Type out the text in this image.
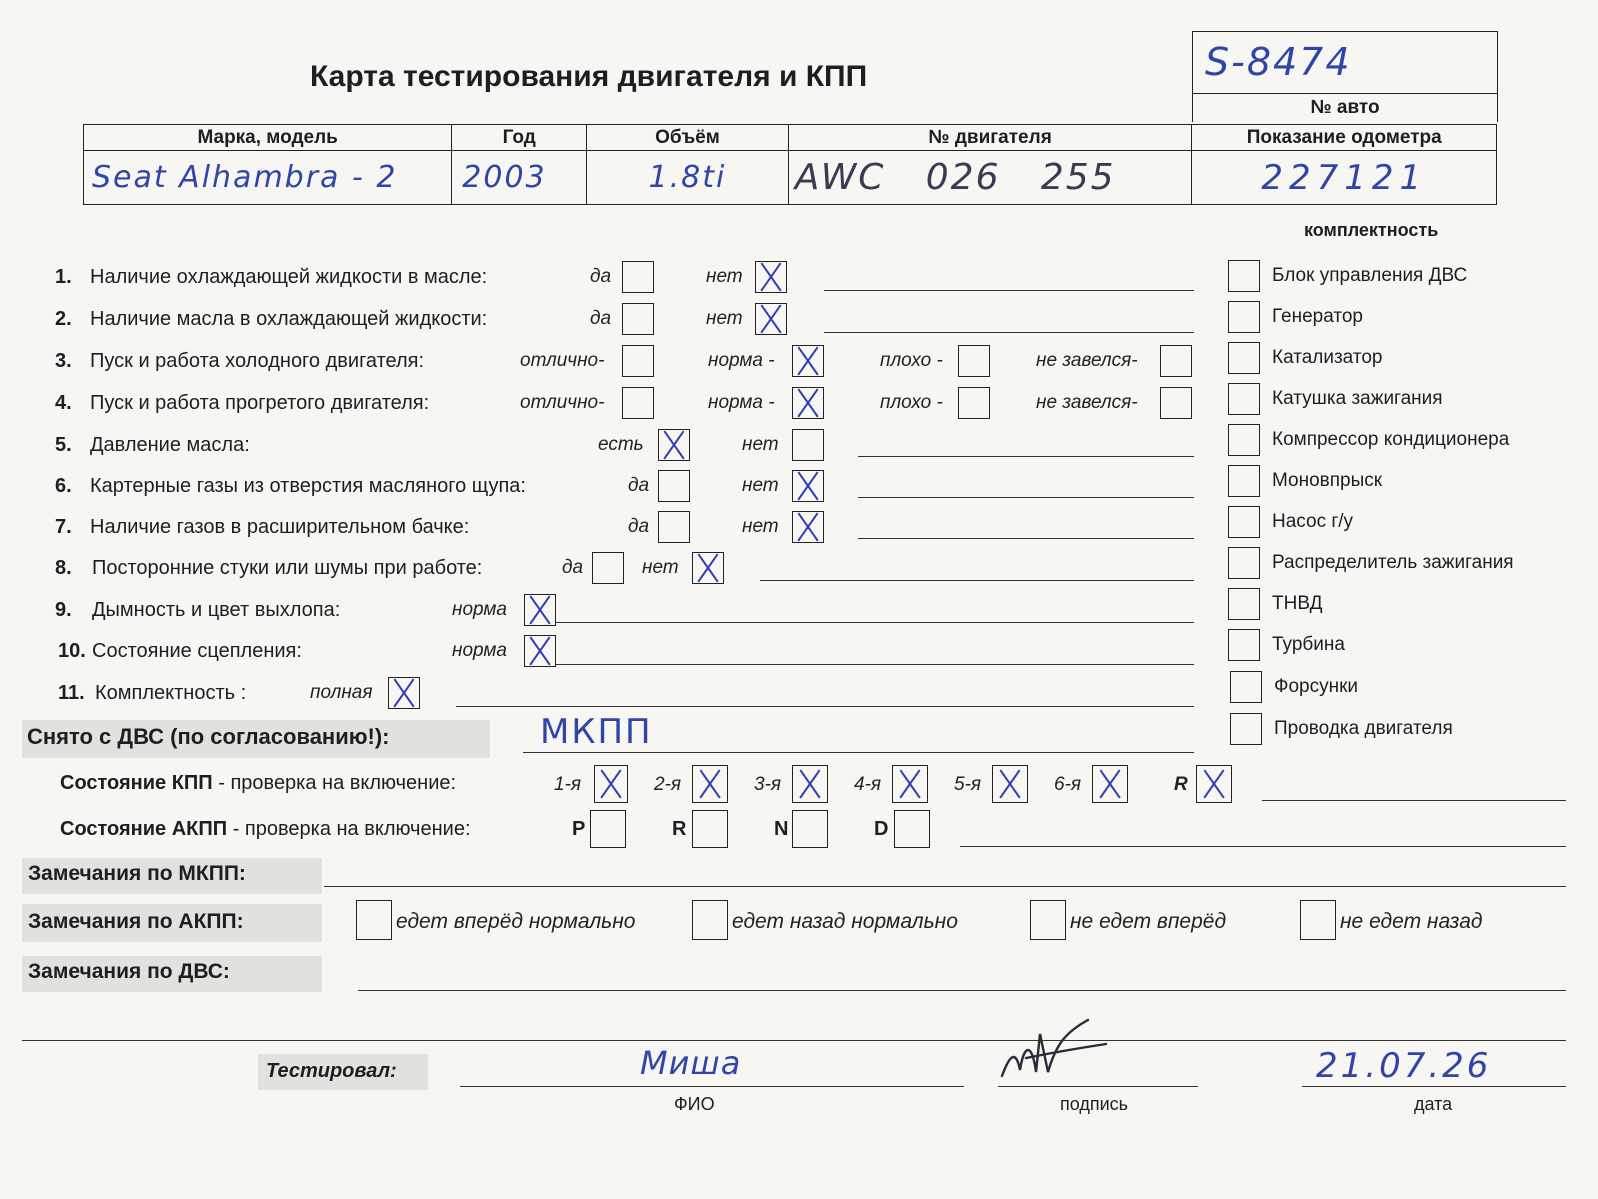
Карта тестирования двигателя и КПП	S-8474
№ авто
Марка, модель	Год	Объём	№ двигателя	Показание одометра

Seat Alhambra - 2	2003	1.8ti	AWC   026   255	227121
комплектность
1. Наличие охлаждающей жидкости в масле:	да	нет
2. Наличие масла в охлаждающей жидкости:	да	нет
3. Пуск и работа холодного двигателя:	отлично-	норма -	плохо -	не завелся-
4. Пуск и работа прогретого двигателя:	отлично-	норма -	плохо -	не завелся-
5. Давление масла:	есть	нет
6. Картерные газы из отверстия масляного щупа:	да	нет
7. Наличие газов в расширительном бачке:	да	нет
8. Посторонние стуки или шумы при работе:	да	нет
9. Дымность и цвет выхлопа:	норма
10. Состояние сцепления:	норма
11. Комплектность :	полная
Блок управления ДВС
Генератор
Катализатор
Катушка зажигания
Компрессор кондиционера
Моновпрыск
Насос г/у
Распределитель зажигания
ТНВД
Турбина
Форсунки
Проводка двигателя
Снято с ДВС (по согласованию!):	МКПП
Состояние КПП - проверка на включение:	1-я	2-я	3-я	4-я	5-я	6-я	R
Состояние АКПП - проверка на включение:	P	R	N	D
Замечания по МКПП:
Замечания по АКПП:	едет вперёд нормально	едет назад нормально	не едет вперёд	не едет назад
Замечания по ДВС:
Тестировал:	Миша
ФИО	подпись
21.07.26
дата
